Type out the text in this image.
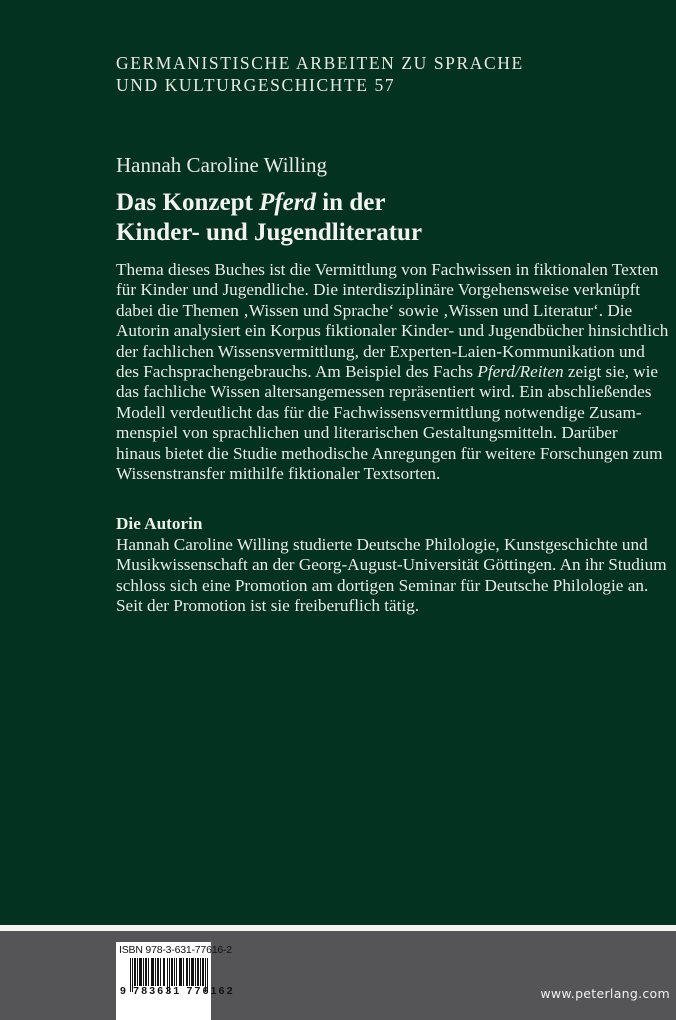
GERMANISTISCHE ARBEITEN ZU SPRACHE
UND KULTURGESCHICHTE 57
Hannah Caroline Willing
Das Konzept Pferd in der
Kinder- und Jugendliteratur
Thema dieses Buches ist die Vermittlung von Fachwissen in fiktionalen Texten
für Kinder und Jugendliche. Die interdisziplinäre Vorgehensweise verknüpft
dabei die Themen ‚Wissen und Sprache‘ sowie ‚Wissen und Literatur‘. Die
Autorin analysiert ein Korpus fiktionaler Kinder- und Jugendbücher hinsichtlich
der fachlichen Wissensvermittlung, der Experten-Laien-Kommunikation und
des Fachsprachengebrauchs. Am Beispiel des Fachs Pferd/Reiten zeigt sie, wie
das fachliche Wissen altersangemessen repräsentiert wird. Ein abschließendes
Modell verdeutlicht das für die Fachwissensvermittlung notwendige Zusam-
menspiel von sprachlichen und literarischen Gestaltungsmitteln. Darüber
hinaus bietet die Studie methodische Anregungen für weitere Forschungen zum
Wissenstransfer mithilfe fiktionaler Textsorten.
Die Autorin
Hannah Caroline Willing studierte Deutsche Philologie, Kunstgeschichte und
Musikwissenschaft an der Georg-August-Universität Göttingen. An ihr Studium
schloss sich eine Promotion am dortigen Seminar für Deutsche Philologie an.
Seit der Promotion ist sie freiberuflich tätig.
ISBN 978-3-631-77616-2
9 783631 776162	www.peterlang.com
